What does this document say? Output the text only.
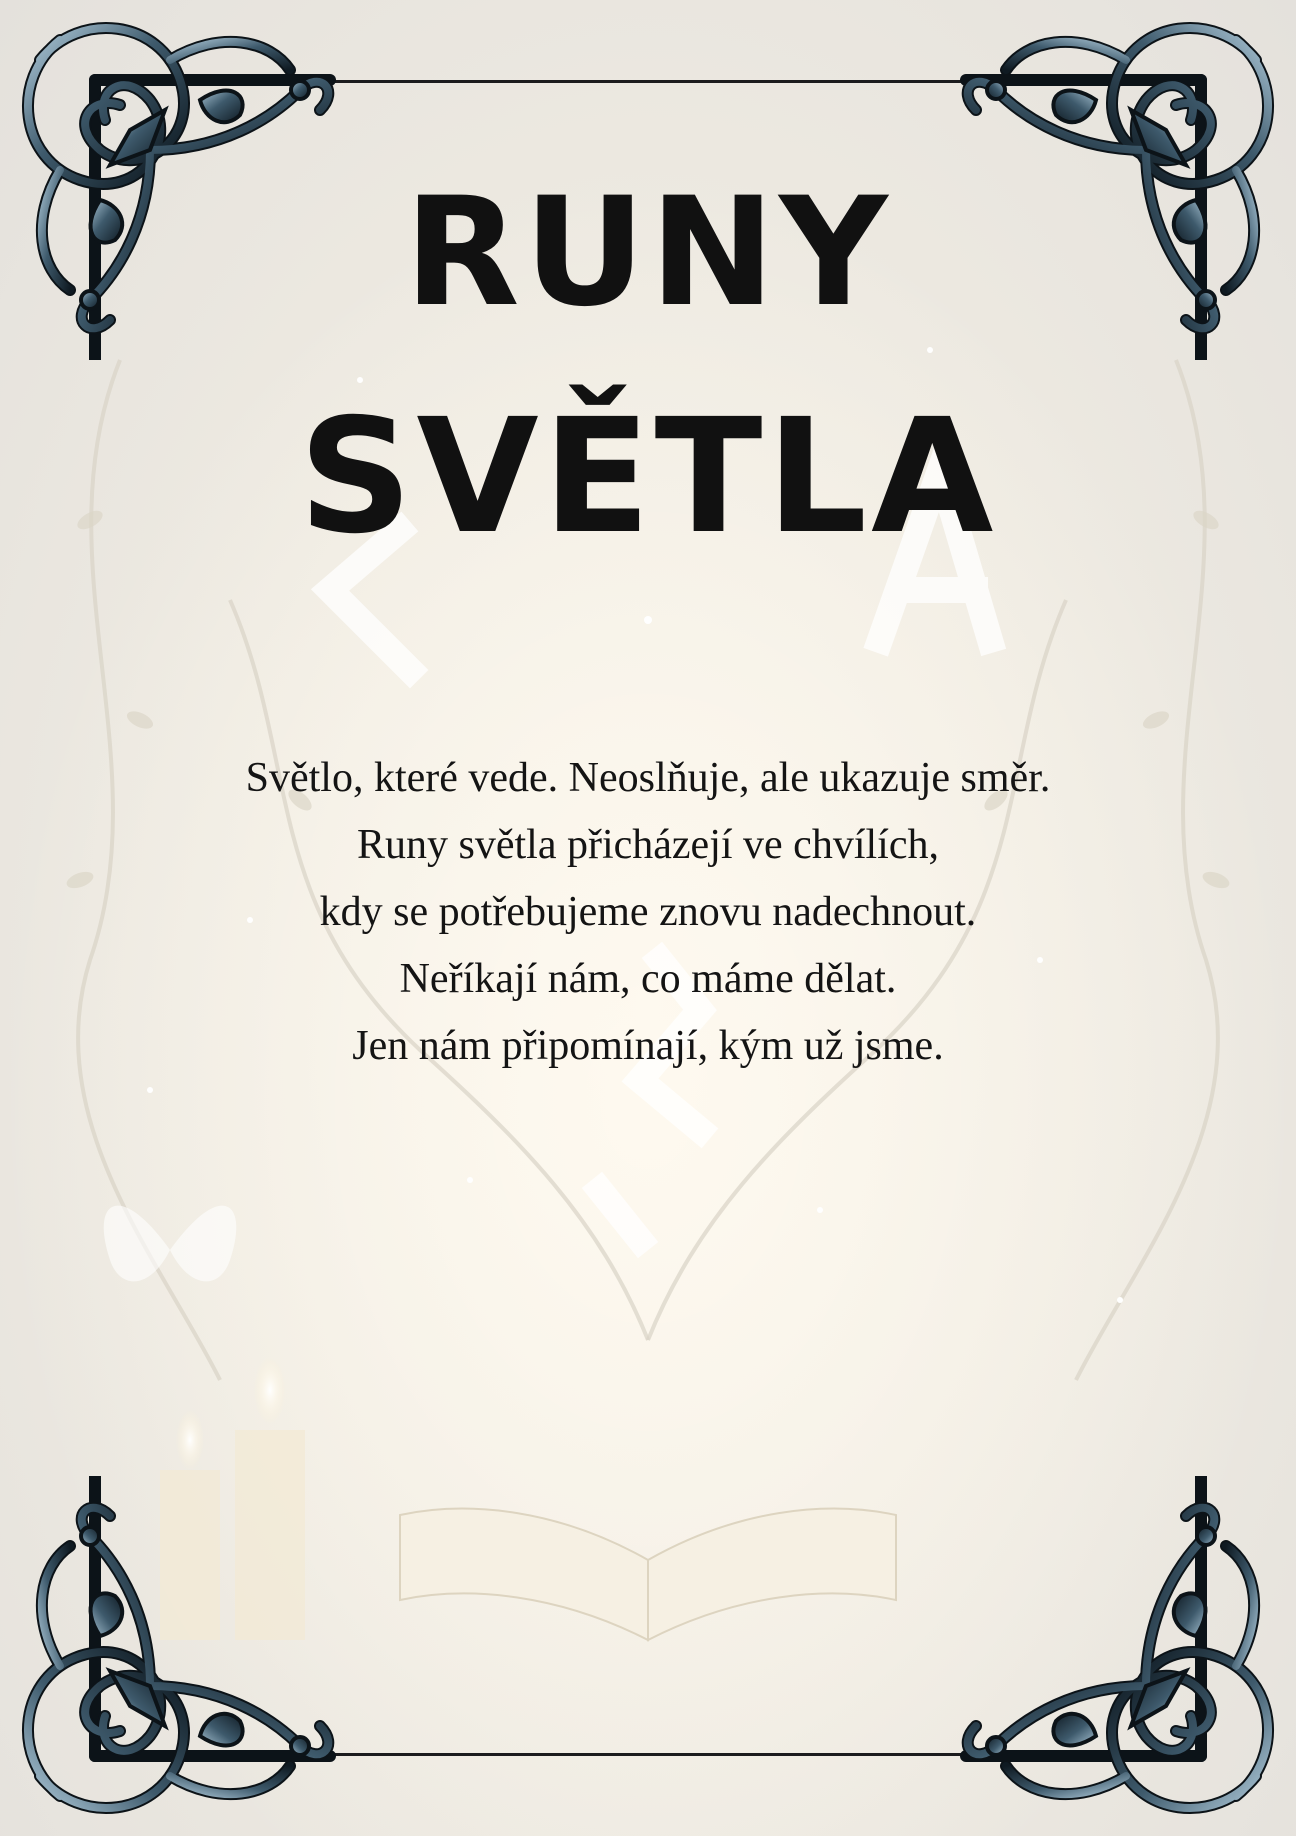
RUNY
SVĚTLA
Světlo, které vede. Neoslňuje, ale ukazuje směr.
Runy světla přicházejí ve chvílích,
kdy se potřebujeme znovu nadechnout.
Neříkají nám, co máme dělat.
Jen nám připomínají, kým už jsme.
